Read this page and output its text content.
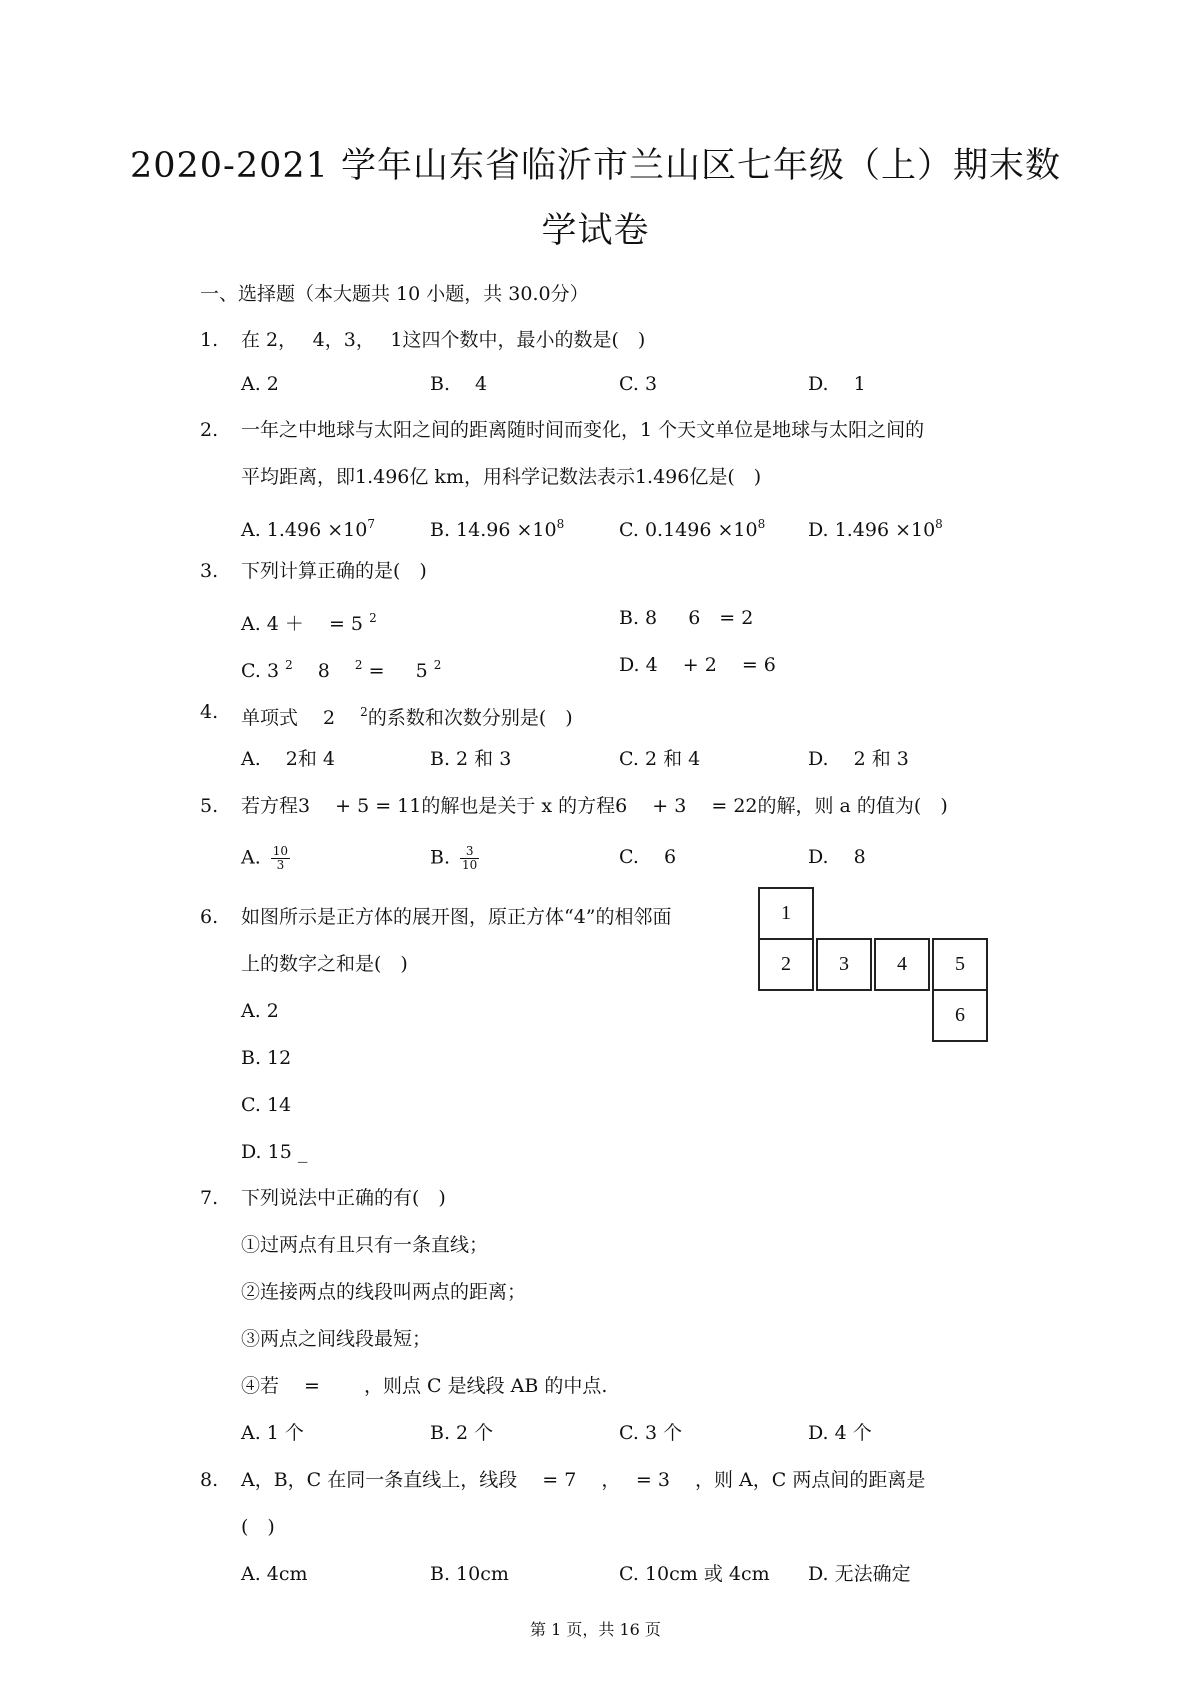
2020-2021 学年山东省临沂市兰山区七年级（上）期末数
学试卷
一、选择题（本大题共 10 小题，共 30.0分）
1. 在 2，　 4，3，　 1这四个数中，最小的数是(　)
A. 2	B.　 4	C. 3	D.　 1
2. 一年之中地球与太阳之间的距离随时间而变化，1 个天文单位是地球与太阳之间的
平均距离，即1.496亿 km，用科学记数法表示1.496亿是(　)
A. $1.496 \times 10^7$	B. $14.96 \times 10^8$	C. $0.1496 \times 10^8$ D. $1.496 \times 10^8$
3. 下列计算正确的是(　)
A. 4 ＋ 　= 5 $^2$	B. 8 　 6　= 2
C. 3 $^2$　 8 　$^2$ = 　 5 $^2$	D. 4 　+ 2 　= 6
4. 单项式　 2 　$^2$的系数和次数分别是(　)
A.　 2和 4	B. 2 和 3	C. 2 和 4	D.　 2 和 3
5. 若方程3 　+ 5 = 11的解也是关于 x 的方程6 　+ 3 　= 22的解，则 a 的值为(　)
A. $\frac{10}{3}$	B. $\frac{3}{10}$	C.　 6	D.　 8
6. 如图所示是正方体的展开图，原正方体“4”的相邻面
上的数字之和是(　)
A. 2
B. 12
C. 14
D. 15 _
1
2	3	4	5
6
7. 下列说法中正确的有(　)
①过两点有且只有一条直线；
②连接两点的线段叫两点的距离；
③两点之间线段最短；
④若　 = 　　，则点 C 是线段 AB 的中点.
A. 1 个	B. 2 个	C. 3 个	D. 4 个
8. A，B，C 在同一条直线上，线段　 = 7　 ，　 = 3 　，则 A，C 两点间的距离是
(　)
A. 4cm	B. 10cm	C. 10cm 或 4cm D. 无法确定
第 1 页，共 16 页
